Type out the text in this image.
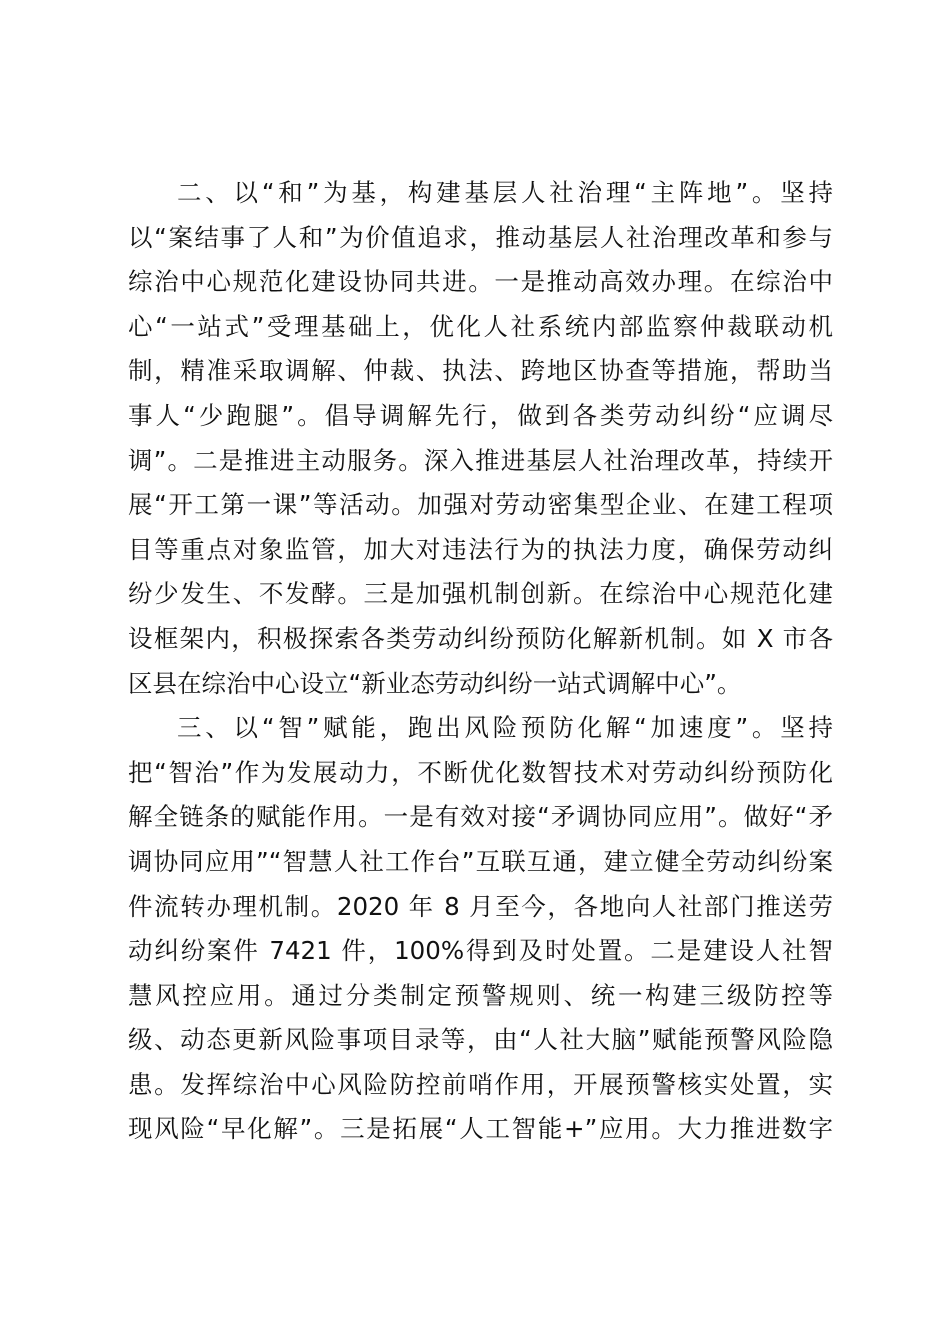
二、以“和”为基，构建基层人社治理“主阵地”。坚持
以“案结事了人和”为价值追求，推动基层人社治理改革和参与
综治中心规范化建设协同共进。一是推动高效办理。在综治中
心“一站式”受理基础上，优化人社系统内部监察仲裁联动机
制，精准采取调解、仲裁、执法、跨地区协查等措施，帮助当
事人“少跑腿”。倡导调解先行，做到各类劳动纠纷“应调尽
调”。二是推进主动服务。深入推进基层人社治理改革，持续开
展“开工第一课”等活动。加强对劳动密集型企业、在建工程项
目等重点对象监管，加大对违法行为的执法力度，确保劳动纠
纷少发生、不发酵。三是加强机制创新。在综治中心规范化建
设框架内，积极探索各类劳动纠纷预防化解新机制。如 X 市各
区县在综治中心设立“新业态劳动纠纷一站式调解中心”。
三、以“智”赋能，跑出风险预防化解“加速度”。坚持
把“智治”作为发展动力，不断优化数智技术对劳动纠纷预防化
解全链条的赋能作用。一是有效对接“矛调协同应用”。做好“矛
调协同应用”“智慧人社工作台”互联互通，建立健全劳动纠纷案
件流转办理机制。2020 年 8 月至今，各地向人社部门推送劳
动纠纷案件 7421 件，100%得到及时处置。二是建设人社智
慧风控应用。通过分类制定预警规则、统一构建三级防控等
级、动态更新风险事项目录等，由“人社大脑”赋能预警风险隐
患。发挥综治中心风险防控前哨作用，开展预警核实处置，实
现风险“早化解”。三是拓展“人工智能+”应用。大力推进数字
